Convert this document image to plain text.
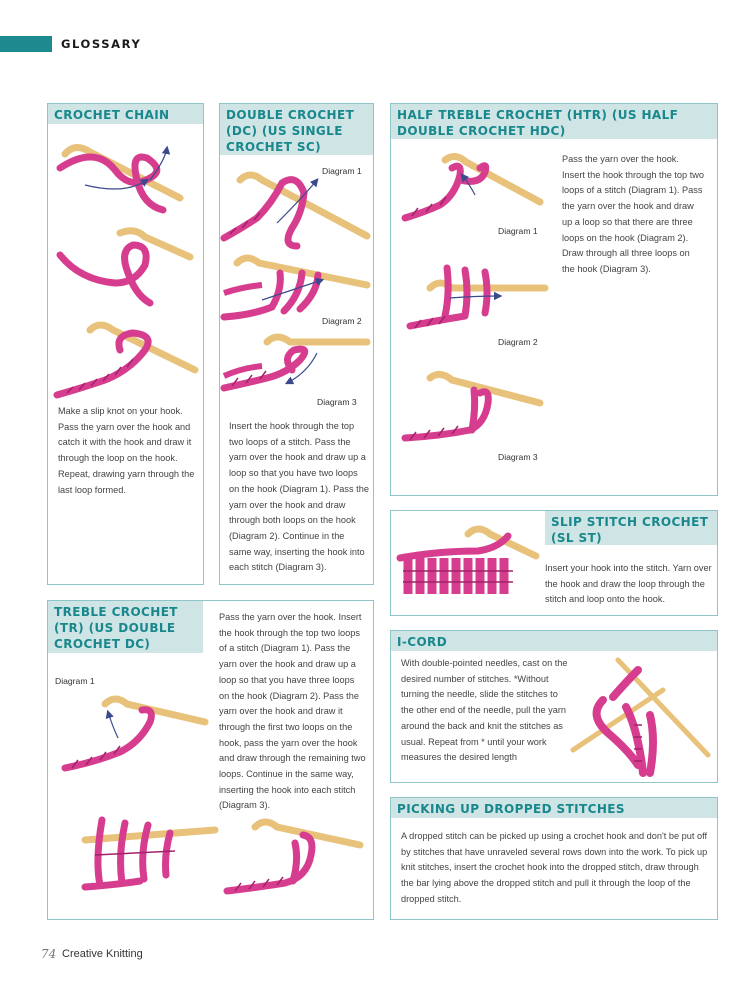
GLOSSARY
CROCHET CHAIN
Make a slip knot on your hook. Pass the yarn over the hook and catch it with the hook and draw it through the loop on the hook. Repeat, drawing yarn through the last loop formed.
DOUBLE CROCHET (DC) (US SINGLE CROCHET SC)
Diagram 1
Diagram 2
Diagram 3
Insert the hook through the top two loops of a stitch. Pass the yarn over the hook and draw up a loop so that you have two loops on the hook (Diagram 1). Pass the yarn over the hook and draw through both loops on the hook (Diagram 2). Continue in the same way, inserting the hook into each stitch (Diagram 3).
HALF TREBLE CROCHET (HTR) (US HALF DOUBLE CROCHET HDC)
Diagram 1
Diagram 2
Diagram 3
Pass the yarn over the hook. Insert the hook through the top two loops of a stitch (Diagram 1). Pass the yarn over the hook and draw up a loop so that there are three loops on the hook (Diagram 2). Draw through all three loops on the hook (Diagram 3).
SLIP STITCH CROCHET (SL ST)
Insert your hook into the stitch. Yarn over the hook and draw the loop through the stitch and loop onto the hook.
TREBLE CROCHET (TR) (US DOUBLE CROCHET DC)
Diagram 1
Pass the yarn over the hook. Insert the hook through the top two loops of a stitch (Diagram 1). Pass the yarn over the hook and draw up a loop so that you have three loops on the hook (Diagram 2). Pass the yarn over the hook and draw it through the first two loops on the hook, pass the yarn over the hook and draw through the remaining two loops. Continue in the same way, inserting the hook into each stitch (Diagram 3).
I-CORD
With double-pointed needles, cast on the desired number of stitches. *Without turning the needle, slide the stitches to the other end of the needle, pull the yarn around the back and knit the stitches as usual. Repeat from * until your work measures the desired length
PICKING UP DROPPED STITCHES
A dropped stitch can be picked up using a crochet hook and don't be put off by stitches that have unraveled several rows down into the work. To pick up knit stitches, insert the crochet hook into the dropped stitch, draw through the bar lying above the dropped stitch and pull it through the loop of the dropped stitch.
74 Creative Knitting
